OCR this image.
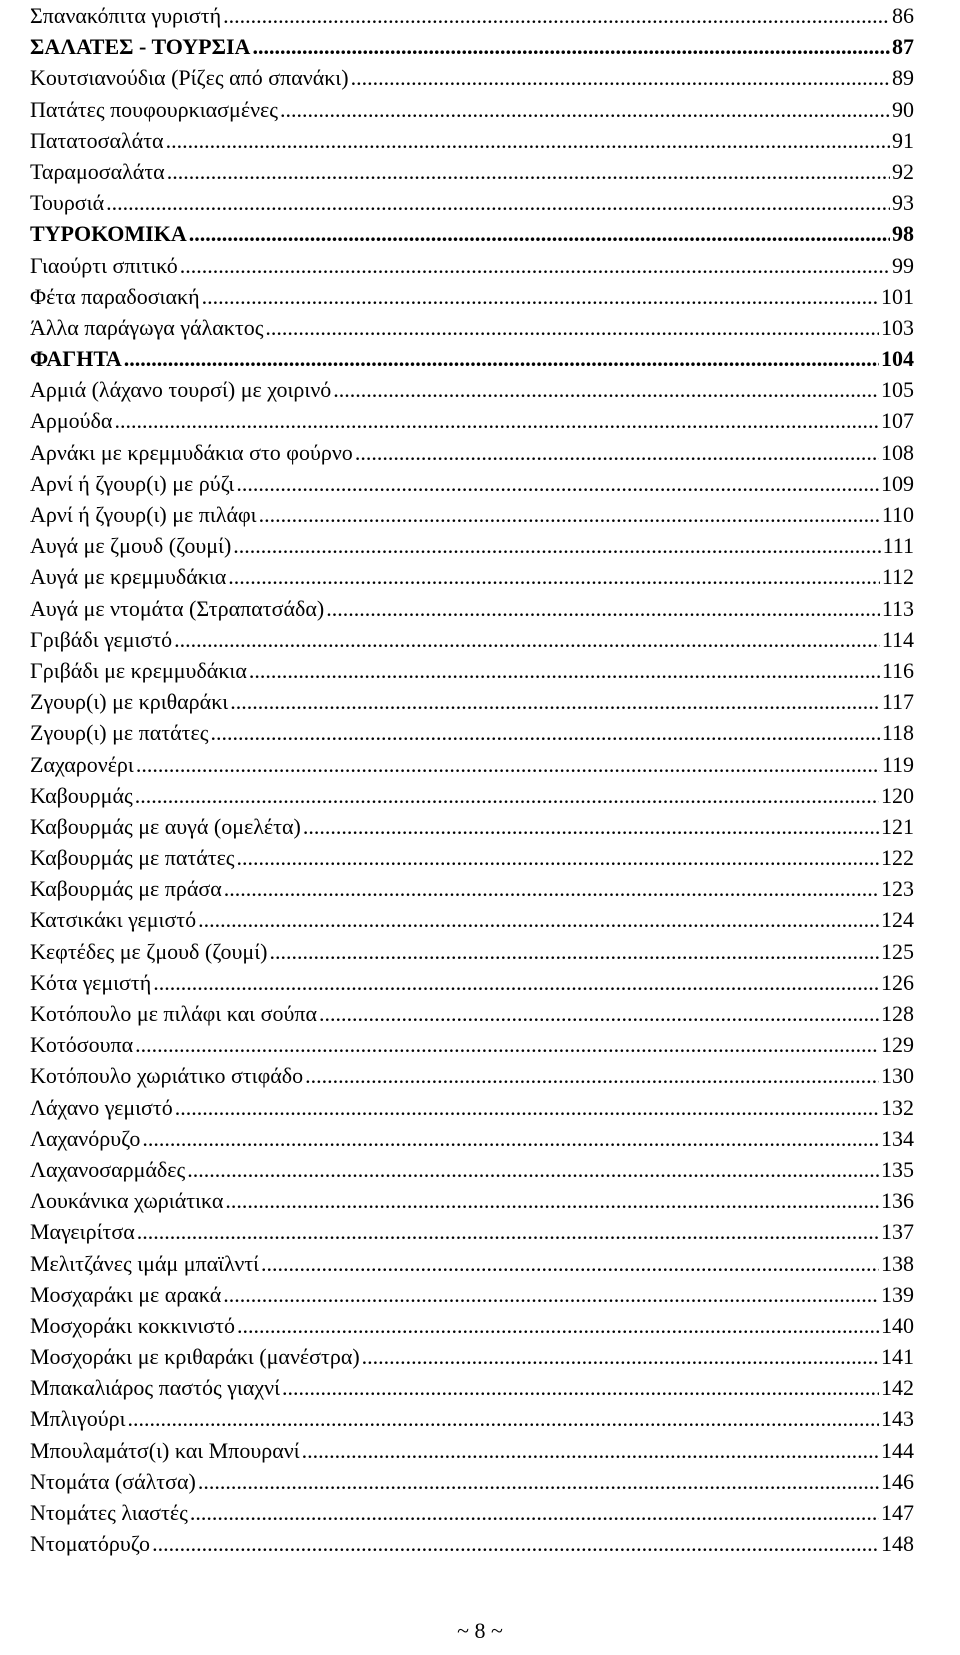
Σπανακόπιτα γυριστή .....	86
ΣΑΛΑΤΕΣ - ΤΟΥΡΣΙΑ .....	87
Κουτσιανούδια (Ρίζες από σπανάκι) .....	89
Πατάτες πουφουρκιασμένες .....	90
Πατατοσαλάτα .....	91
Ταραμοσαλάτα .....	92
Τουρσιά .....	93
ΤΥΡΟΚΟΜΙΚΑ .....	98
Γιαούρτι σπιτικό .....	99
Φέτα παραδοσιακή .....	101
Άλλα παράγωγα γάλακτος .....	103
ΦΑΓΗΤΑ .....	104
Αρμιά (λάχανο τουρσί) με χοιρινό .....	105
Αρμούδα .....	107
Αρνάκι με κρεμμυδάκια στο φούρνο .....	108
Αρνί ή ζγουρ(ι) με ρύζι .....	109
Αρνί ή ζγουρ(ι) με πιλάφι .....	110
Αυγά με ζμουδ (ζουμί) .....	111
Αυγά με κρεμμυδάκια .....	112
Αυγά με ντομάτα (Στραπατσάδα) .....	113
Γριβάδι γεμιστό .....	114
Γριβάδι με κρεμμυδάκια .....	116
Ζγουρ(ι) με κριθαράκι .....	117
Ζγουρ(ι) με πατάτες .....	118
Ζαχαρονέρι .....	119
Καβουρμάς .....	120
Καβουρμάς με αυγά (ομελέτα) .....	121
Καβουρμάς με πατάτες .....	122
Καβουρμάς με πράσα .....	123
Κατσικάκι γεμιστό .....	124
Κεφτέδες με ζμουδ (ζουμί) .....	125
Κότα γεμιστή .....	126
Κοτόπουλο με πιλάφι και σούπα .....	128
Κοτόσουπα .....	129
Κοτόπουλο χωριάτικο στιφάδο .....	130
Λάχανο γεμιστό .....	132
Λαχανόρυζο .....	134
Λαχανοσαρμάδες .....	135
Λουκάνικα χωριάτικα .....	136
Μαγειρίτσα .....	137
Μελιτζάνες ιμάμ μπαϊλντί .....	138
Μοσχαράκι με αρακά .....	139
Μοσχοράκι κοκκινιστό .....	140
Μοσχοράκι με κριθαράκι (μανέστρα) .....	141
Μπακαλιάρος παστός γιαχνί .....	142
Μπλιγούρι .....	143
Μπουλαμάτσ(ι) και Μπουρανί .....	144
Ντομάτα (σάλτσα) .....	146
Ντομάτες λιαστές .....	147
Ντοματόρυζο .....	148
~ 8 ~
